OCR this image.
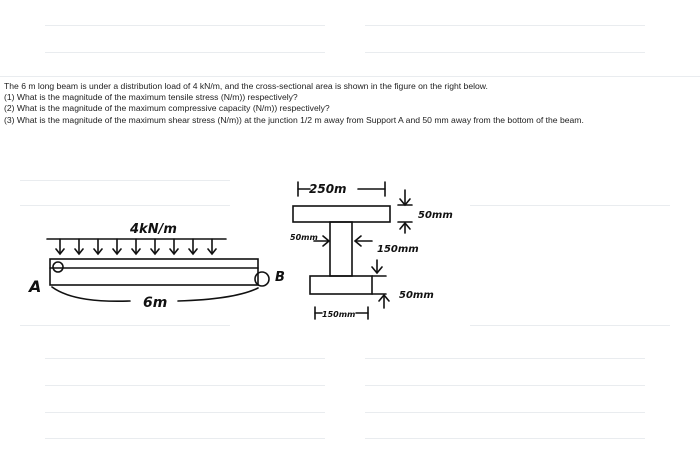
The 6 m long beam is under a distribution load of 4 kN/m, and the cross-sectional area is shown in the figure on the right below.

(1) What is the magnitude of the maximum tensile stress (N/m)) respectively?

(2) What is the magnitude of the maximum compressive capacity (N/m)) respectively?

(3) What is the magnitude of the maximum shear stress (N/m)) at the junction 1/2 m away from Support A and 50 mm away from the bottom of the beam.

4kN/m
A	B
6m
250m
50mm
50mm
150mm
50mm
150mm
